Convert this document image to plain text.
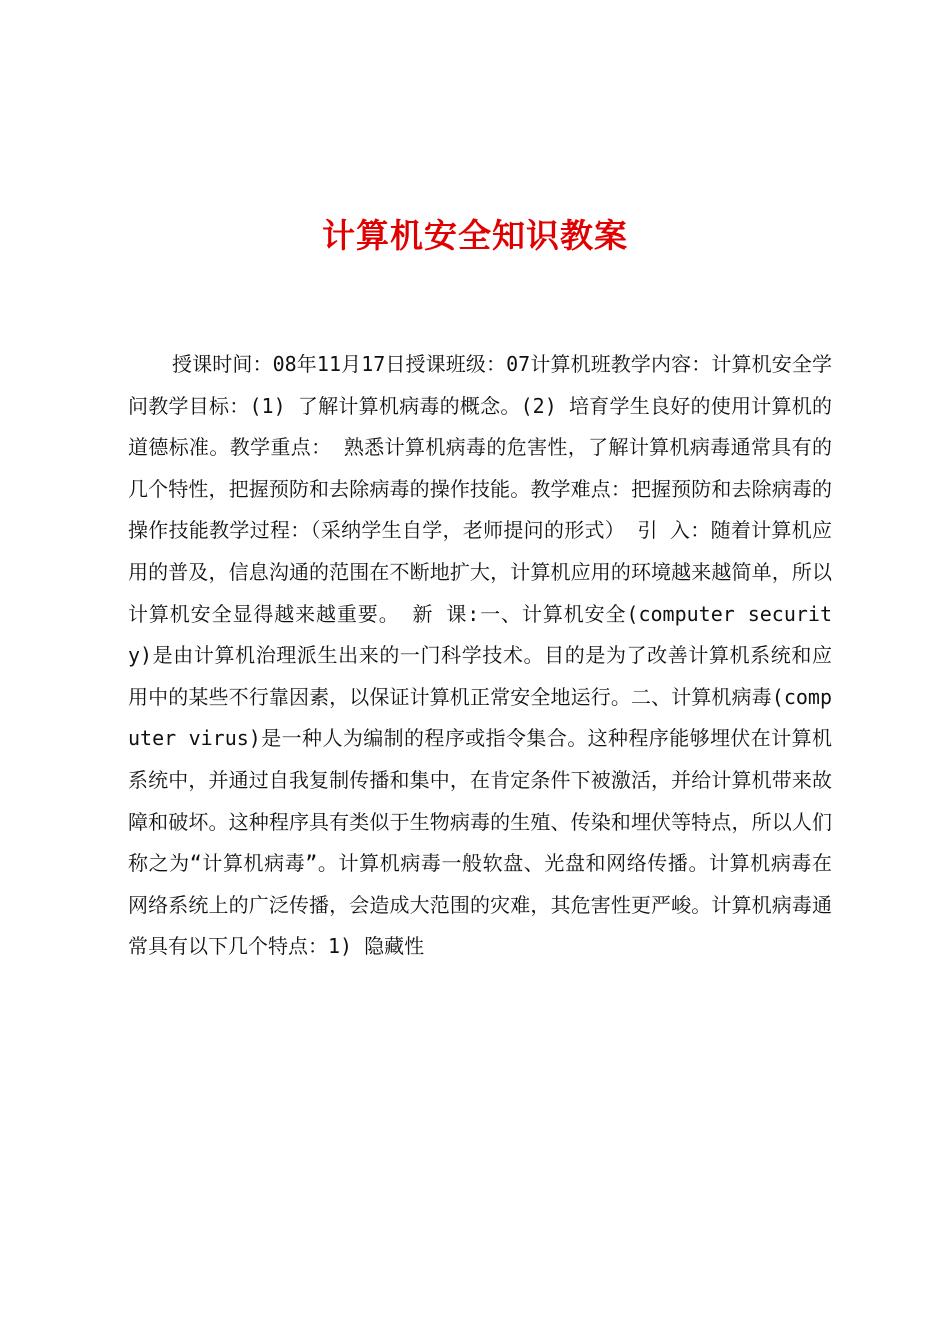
计算机安全知识教案

授课时间：08年11月17日授课班级：07计算机班教学内容：计算机安全学问教学目标：(1) 了解计算机病毒的概念。(2) 培育学生良好的使用计算机的道德标准。教学重点： 熟悉计算机病毒的危害性，了解计算机病毒通常具有的几个特性，把握预防和去除病毒的操作技能。教学难点：把握预防和去除病毒的操作技能教学过程：（采纳学生自学，老师提问的形式） 引 入：随着计算机应用的普及，信息沟通的范围在不断地扩大，计算机应用的环境越来越简单，所以计算机安全显得越来越重要。 新 课:一、计算机安全(computer security)是由计算机治理派生出来的一门科学技术。目的是为了改善计算机系统和应用中的某些不行靠因素，以保证计算机正常安全地运行。二、计算机病毒(computer virus)是一种人为编制的程序或指令集合。这种程序能够埋伏在计算机系统中，并通过自我复制传播和集中，在肯定条件下被激活，并给计算机带来故障和破坏。这种程序具有类似于生物病毒的生殖、传染和埋伏等特点，所以人们称之为“计算机病毒”。计算机病毒一般软盘、光盘和网络传播。计算机病毒在网络系统上的广泛传播，会造成大范围的灾难，其危害性更严峻。计算机病毒通常具有以下几个特点：1) 隐藏性
